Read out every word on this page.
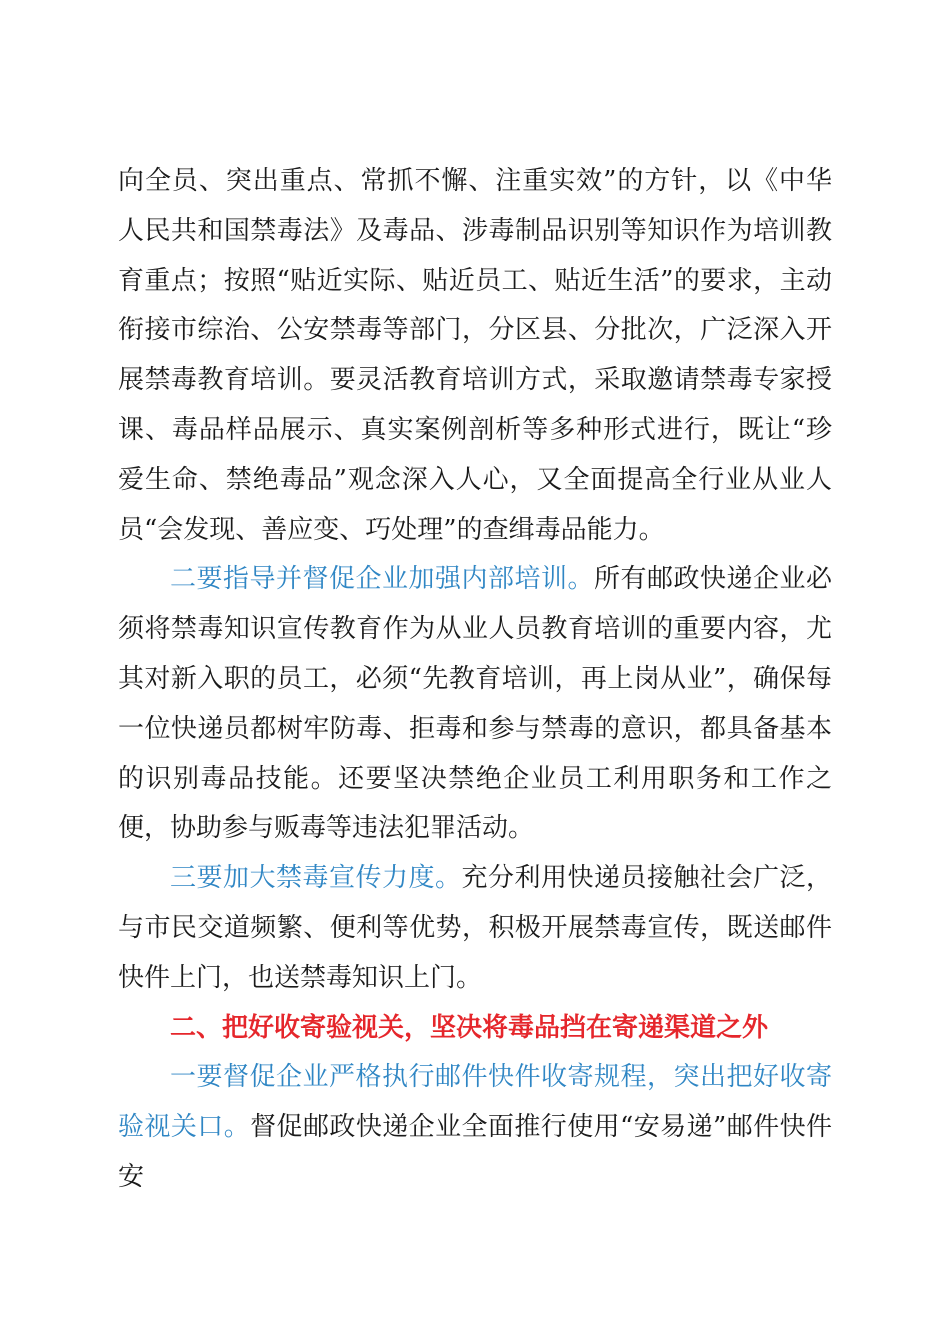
向全员、突出重点、常抓不懈、注重实效”的方针，以《中华人民共和国禁毒法》及毒品、涉毒制品识别等知识作为培训教育重点；按照“贴近实际、贴近员工、贴近生活”的要求，主动衔接市综治、公安禁毒等部门，分区县、分批次，广泛深入开展禁毒教育培训。要灵活教育培训方式，采取邀请禁毒专家授课、毒品样品展示、真实案例剖析等多种形式进行，既让“珍爱生命、禁绝毒品”观念深入人心，又全面提高全行业从业人员“会发现、善应变、巧处理”的查缉毒品能力。

二要指导并督促企业加强内部培训。所有邮政快递企业必须将禁毒知识宣传教育作为从业人员教育培训的重要内容，尤其对新入职的员工，必须“先教育培训，再上岗从业”，确保每一位快递员都树牢防毒、拒毒和参与禁毒的意识，都具备基本的识别毒品技能。还要坚决禁绝企业员工利用职务和工作之便，协助参与贩毒等违法犯罪活动。

三要加大禁毒宣传力度。充分利用快递员接触社会广泛，与市民交道频繁、便利等优势，积极开展禁毒宣传，既送邮件快件上门，也送禁毒知识上门。

二、把好收寄验视关，坚决将毒品挡在寄递渠道之外

一要督促企业严格执行邮件快件收寄规程，突出把好收寄验视关口。督促邮政快递企业全面推行使用“安易递”邮件快件安
